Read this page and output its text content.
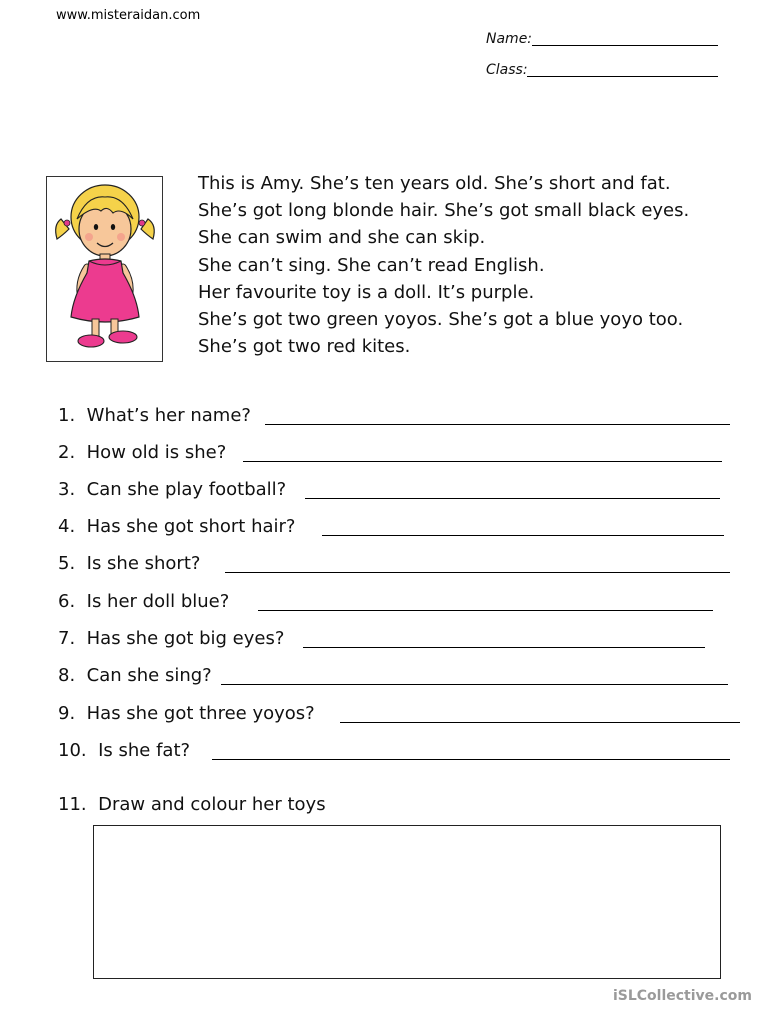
www.misteraidan.com
Name:
Class:
This is Amy. She’s ten years old. She’s short and fat.
She’s got long blonde hair. She’s got small black eyes.
She can swim and she can skip.
She can’t sing. She can’t read English.
Her favourite toy is a doll. It’s purple.
She’s got two green yoyos. She’s got a blue yoyo too.
She’s got two red kites.
1. What’s her name?
2. How old is she?
3. Can she play football?
4. Has she got short hair?
5. Is she short?
6. Is her doll blue?
7. Has she got big eyes?
8. Can she sing?
9. Has she got three yoyos?
10. Is she fat?
11. Draw and colour her toys
iSLCollective.com
